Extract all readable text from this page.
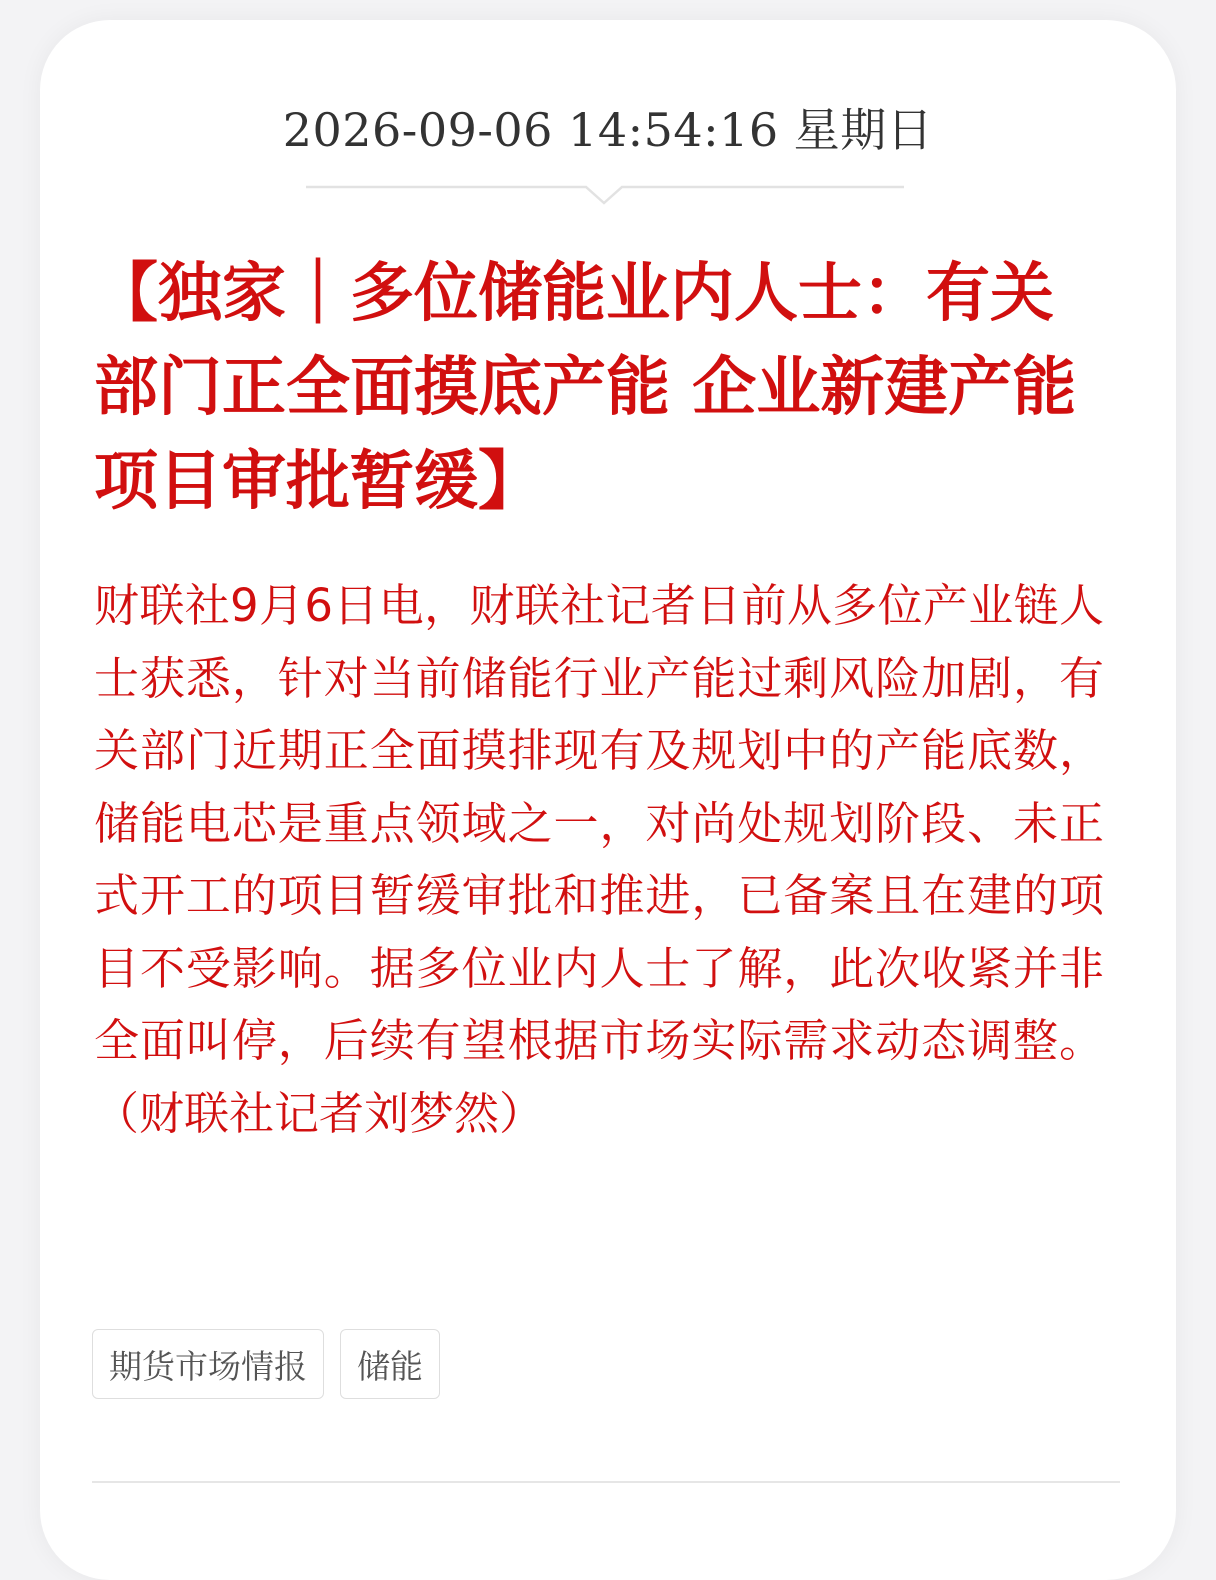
2026-09-06 14:54:16 星期日
【独家｜多位储能业内人士：有关部门正全面摸底产能 企业新建产能项目审批暂缓】

财联社9月6日电，财联社记者日前从多位产业链人士获悉，针对当前储能行业产能过剩风险加剧，有关部门近期正全面摸排现有及规划中的产能底数，储能电芯是重点领域之一，对尚处规划阶段、未正式开工的项目暂缓审批和推进，已备案且在建的项目不受影响。据多位业内人士了解，此次收紧并非全面叫停，后续有望根据市场实际需求动态调整。 （财联社记者刘梦然）

期货市场情报	储能
